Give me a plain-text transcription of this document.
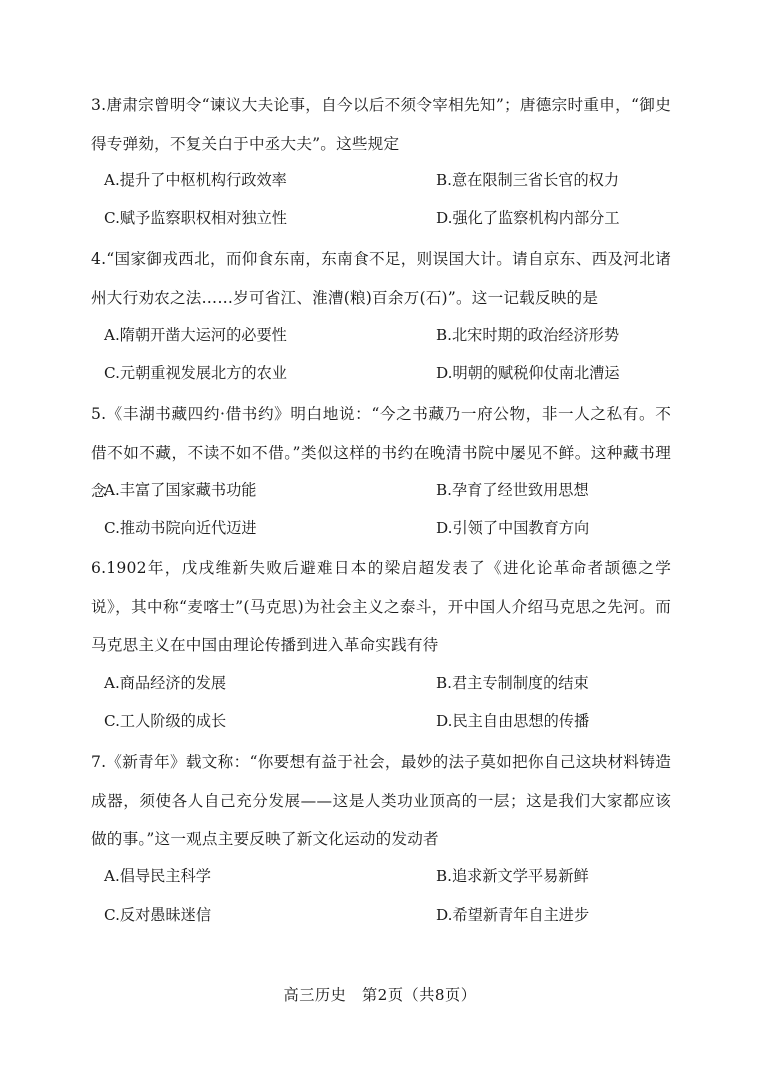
3.唐肃宗曾明令“谏议大夫论事，自今以后不须令宰相先知”；唐德宗时重申，“御史得专弹劾，不复关白于中丞大夫”。这些规定

A.提升了中枢机构行政效率	B.意在限制三省长官的权力

C.赋予监察职权相对独立性	D.强化了监察机构内部分工

4.“国家御戎西北，而仰食东南，东南食不足，则误国大计。请自京东、西及河北诸州大行劝农之法……岁可省江、淮漕(粮)百余万(石)”。这一记载反映的是

A.隋朝开凿大运河的必要性	B.北宋时期的政治经济形势

C.元朝重视发展北方的农业	D.明朝的赋税仰仗南北漕运

5.《丰湖书藏四约·借书约》明白地说：“今之书藏乃一府公物，非一人之私有。不借不如不藏，不读不如不借。”类似这样的书约在晚清书院中屡见不鲜。这种藏书理念

A.丰富了国家藏书功能	B.孕育了经世致用思想

C.推动书院向近代迈进	D.引领了中国教育方向

6.1902年，戊戌维新失败后避难日本的梁启超发表了《进化论革命者颉德之学说》，其中称“麦喀士”(马克思)为社会主义之泰斗，开中国人介绍马克思之先河。而马克思主义在中国由理论传播到进入革命实践有待

A.商品经济的发展	B.君主专制制度的结束

C.工人阶级的成长	D.民主自由思想的传播

7.《新青年》载文称：“你要想有益于社会，最妙的法子莫如把你自己这块材料铸造成器，须使各人自己充分发展——这是人类功业顶高的一层；这是我们大家都应该做的事。”这一观点主要反映了新文化运动的发动者

A.倡导民主科学	B.追求新文学平易新鲜

C.反对愚昧迷信	D.希望新青年自主进步

高三历史　第2页（共8页）
